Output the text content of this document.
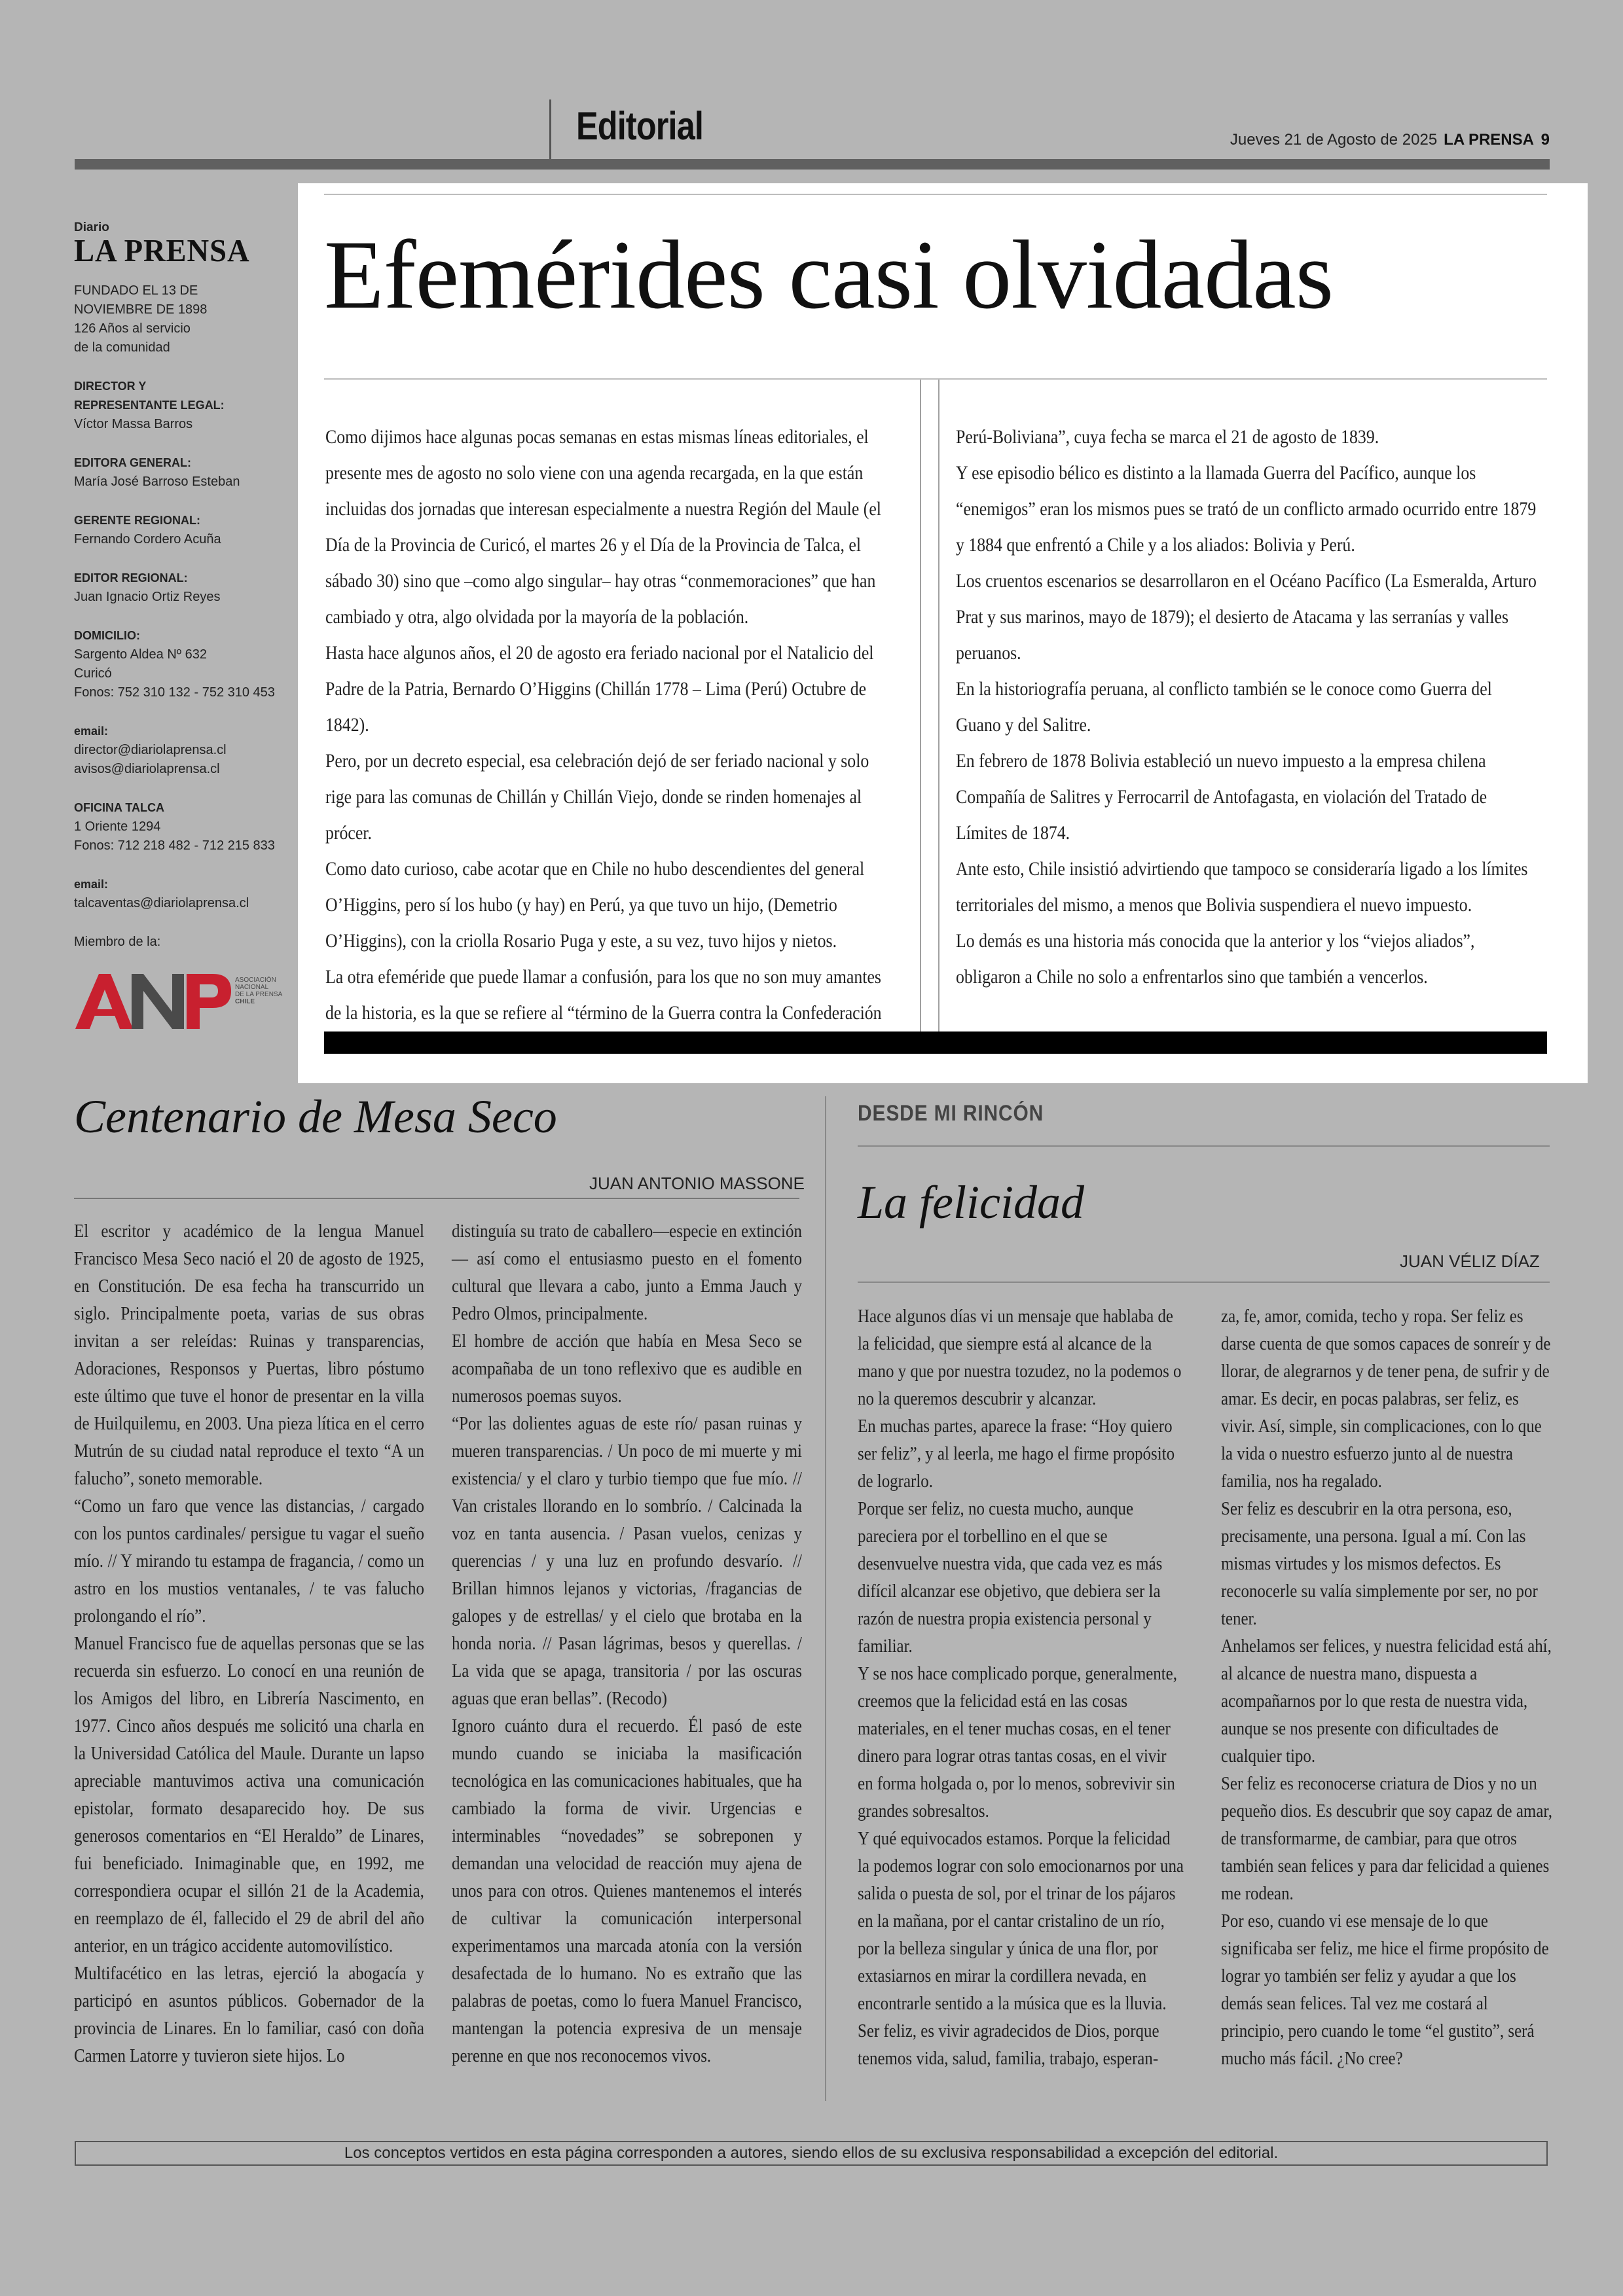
Editorial	Jueves 21 de Agosto de 2025 LA PRENSA 9
Diario
LA PRENSA
FUNDADO EL 13 DE
NOVIEMBRE DE 1898
126 Años al servicio
de la comunidad
DIRECTOR Y
REPRESENTANTE LEGAL:
Víctor Massa Barros
EDITORA GENERAL:
María José Barroso Esteban
GERENTE REGIONAL:
Fernando Cordero Acuña
EDITOR REGIONAL:
Juan Ignacio Ortiz Reyes
DOMICILIO:
Sargento Aldea Nº 632
Curicó
Fonos: 752 310 132 - 752 310 453
email:
director@diariolaprensa.cl
avisos@diariolaprensa.cl
OFICINA TALCA
1 Oriente 1294
Fonos: 712 218 482 - 712 215 833
email:
talcaventas@diariolaprensa.cl
Miembro de la:
ASOCIACIÓN
NACIONAL
DE LA PRENSA
CHILE
Efemérides casi olvidadas

Como dijimos hace algunas pocas semanas en estas mismas líneas editoriales, el presente mes de agosto no solo viene con una agenda recargada, en la que están incluidas dos jornadas que interesan especialmente a nuestra Región del Maule (el Día de la Provincia de Curicó, el martes 26 y el Día de la Provincia de Talca, el sábado 30) sino que –como algo singular– hay otras “conmemoraciones” que han cambiado y otra, algo olvidada por la mayoría de la población.

Hasta hace algunos años, el 20 de agosto era feriado nacional por el Natalicio del Padre de la Patria, Bernardo O’Higgins (Chillán 1778 – Lima (Perú) Octubre de 1842).

Pero, por un decreto especial, esa celebración dejó de ser feriado nacional y solo rige para las comunas de Chillán y Chillán Viejo, donde se rinden homenajes al prócer.

Como dato curioso, cabe acotar que en Chile no hubo descendientes del general O’Higgins, pero sí los hubo (y hay) en Perú, ya que tuvo un hijo, (Demetrio O’Higgins), con la criolla Rosario Puga y este, a su vez, tuvo hijos y nietos.

La otra efeméride que puede llamar a confusión, para los que no son muy amantes de la historia, es la que se refiere al “término de la Guerra contra la Confederación

Perú-Boliviana”, cuya fecha se marca el 21 de agosto de 1839.

Y ese episodio bélico es distinto a la llamada Guerra del Pacífico, aunque los “enemigos” eran los mismos pues se trató de un conflicto armado ocurrido entre 1879 y 1884 que enfrentó a Chile y a los aliados: Bolivia y Perú.

Los cruentos escenarios se desarrollaron en el Océano Pacífico (La Esmeralda, Arturo Prat y sus marinos, mayo de 1879); el desierto de Atacama y las serranías y valles peruanos.

En la historiografía peruana, al conflicto también se le conoce como Guerra del Guano y del Salitre.

En febrero de 1878 Bolivia estableció un nuevo impuesto a la empresa chilena Compañía de Salitres y Ferrocarril de Antofagasta, en violación del Tratado de Límites de 1874.

Ante esto, Chile insistió advirtiendo que tampoco se consideraría ligado a los límites territoriales del mismo, a menos que Bolivia suspendiera el nuevo impuesto.

Lo demás es una historia más conocida que la anterior y los “viejos aliados”, obligaron a Chile no solo a enfrentarlos sino que también a vencerlos.

Centenario de Mesa Seco
JUAN ANTONIO MASSONE

El escritor y académico de la lengua Manuel Francisco Mesa Seco nació el 20 de agosto de 1925, en Constitución. De esa fecha ha transcurrido un siglo. Principalmente poeta, varias de sus obras invitan a ser releídas: Ruinas y transparencias, Adoraciones, Responsos y Puertas, libro póstumo este último que tuve el honor de presentar en la villa de Huilquilemu, en 2003. Una pieza lítica en el cerro Mutrún de su ciudad natal reproduce el texto “A un falucho”, soneto memorable.

“Como un faro que vence las distancias, / cargado con los puntos cardinales/ persigue tu vagar el sueño mío. // Y mirando tu estampa de fragancia, / como un astro en los mustios ventanales, / te vas falucho prolongando el río”.

Manuel Francisco fue de aquellas personas que se las recuerda sin esfuerzo. Lo conocí en una reunión de los Amigos del libro, en Librería Nascimento, en 1977. Cinco años después me solicitó una charla en la Universidad Católica del Maule. Durante un lapso apreciable mantuvimos activa una comunicación epistolar, formato desaparecido hoy. De sus generosos comentarios en “El Heraldo” de Linares, fui beneficiado. Inimaginable que, en 1992, me correspondiera ocupar el sillón 21 de la Academia, en reemplazo de él, fallecido el 29 de abril del año anterior, en un trágico accidente automovilístico.

Multifacético en las letras, ejerció la abogacía y participó en asuntos públicos. Gobernador de la provincia de Linares. En lo familiar, casó con doña Carmen Latorre y tuvieron siete hijos. Lo

distinguía su trato de caballero—especie en extinción— así como el entusiasmo puesto en el fomento cultural que llevara a cabo, junto a Emma Jauch y Pedro Olmos, principalmente.

El hombre de acción que había en Mesa Seco se acompañaba de un tono reflexivo que es audible en numerosos poemas suyos.

“Por las dolientes aguas de este río/ pasan ruinas y mueren transparencias. / Un poco de mi muerte y mi existencia/ y el claro y turbio tiempo que fue mío. // Van cristales llorando en lo sombrío. / Calcinada la voz en tanta ausencia. / Pasan vuelos, cenizas y querencias / y una luz en profundo desvarío. // Brillan himnos lejanos y victorias, /fragancias de galopes y de estrellas/ y el cielo que brotaba en la honda noria. // Pasan lágrimas, besos y querellas. / La vida que se apaga, transitoria / por las oscuras aguas que eran bellas”. (Recodo)

Ignoro cuánto dura el recuerdo. Él pasó de este mundo cuando se iniciaba la masificación tecnológica en las comunicaciones habituales, que ha cambiado la forma de vivir. Urgencias e interminables “novedades” se sobreponen y demandan una velocidad de reacción muy ajena de unos para con otros. Quienes mantenemos el interés de cultivar la comunicación interpersonal experimentamos una marcada atonía con la versión desafectada de lo humano. No es extraño que las palabras de poetas, como lo fuera Manuel Francisco, mantengan la potencia expresiva de un mensaje perenne en que nos reconocemos vivos.

DESDE MI RINCÓN
La felicidad
JUAN VÉLIZ DÍAZ

Hace algunos días vi un mensaje que hablaba de la felicidad, que siempre está al alcance de la mano y que por nuestra tozudez, no la podemos o no la queremos descubrir y alcanzar.

En muchas partes, aparece la frase: “Hoy quiero ser feliz”, y al leerla, me hago el firme propósito de lograrlo.

Porque ser feliz, no cuesta mucho, aunque pareciera por el torbellino en el que se desenvuelve nuestra vida, que cada vez es más difícil alcanzar ese objetivo, que debiera ser la razón de nuestra propia existencia personal y familiar.

Y se nos hace complicado porque, generalmente, creemos que la felicidad está en las cosas materiales, en el tener muchas cosas, en el tener dinero para lograr otras tantas cosas, en el vivir en forma holgada o, por lo menos, sobrevivir sin grandes sobresaltos.

Y qué equivocados estamos. Porque la felicidad la podemos lograr con solo emocionarnos por una salida o puesta de sol, por el trinar de los pájaros en la mañana, por el cantar cristalino de un río, por la belleza singular y única de una flor, por extasiarnos en mirar la cordillera nevada, en encontrarle sentido a la música que es la lluvia.

Ser feliz, es vivir agradecidos de Dios, porque tenemos vida, salud, familia, trabajo, esperan-

za, fe, amor, comida, techo y ropa. Ser feliz es darse cuenta de que somos capaces de sonreír y de llorar, de alegrarnos y de tener pena, de sufrir y de amar. Es decir, en pocas palabras, ser feliz, es vivir. Así, simple, sin complicaciones, con lo que la vida o nuestro esfuerzo junto al de nuestra familia, nos ha regalado.

Ser feliz es descubrir en la otra persona, eso, precisamente, una persona. Igual a mí. Con las mismas virtudes y los mismos defectos. Es reconocerle su valía simplemente por ser, no por tener.

Anhelamos ser felices, y nuestra felicidad está ahí, al alcance de nuestra mano, dispuesta a acompañarnos por lo que resta de nuestra vida, aunque se nos presente con dificultades de cualquier tipo.

Ser feliz es reconocerse criatura de Dios y no un pequeño dios. Es descubrir que soy capaz de amar, de transformarme, de cambiar, para que otros también sean felices y para dar felicidad a quienes me rodean.

Por eso, cuando vi ese mensaje de lo que significaba ser feliz, me hice el firme propósito de lograr yo también ser feliz y ayudar a que los demás sean felices. Tal vez me costará al principio, pero cuando le tome “el gustito”, será mucho más fácil. ¿No cree?

Los conceptos vertidos en esta página corresponden a autores, siendo ellos de su exclusiva responsabilidad a excepción del editorial.
